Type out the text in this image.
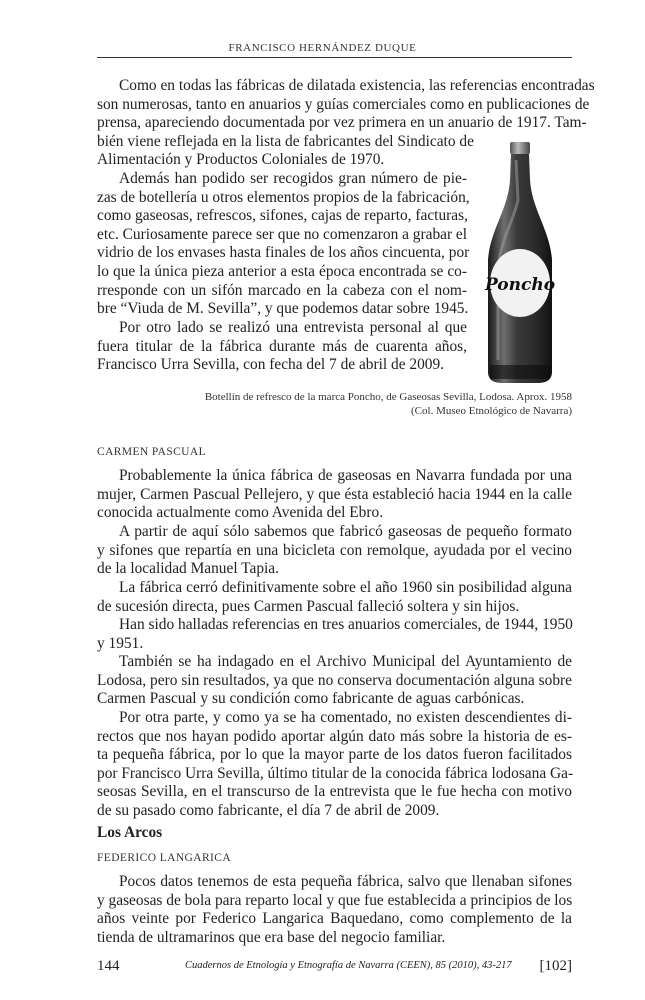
FRANCISCO HERNÁNDEZ DUQUE
Como en todas las fábricas de dilatada existencia, las referencias encontradas
son numerosas, tanto en anuarios y guías comerciales como en publicaciones de
prensa, apareciendo documentada por vez primera en un anuario de 1917. Tam-
bién viene reflejada en la lista de fabricantes del Sindicato de
Alimentación y Productos Coloniales de 1970.
Además han podido ser recogidos gran número de pie-
zas de botellería u otros elementos propios de la fabricación,
como gaseosas, refrescos, sifones, cajas de reparto, facturas,
etc. Curiosamente parece ser que no comenzaron a grabar el
vidrio de los envases hasta finales de los años cincuenta, por
lo que la única pieza anterior a esta época encontrada se co-
rresponde con un sifón marcado en la cabeza con el nom-
bre “Viuda de M. Sevilla”, y que podemos datar sobre 1945.
Por otro lado se realizó una entrevista personal al que
fuera titular de la fábrica durante más de cuarenta años,
Francisco Urra Sevilla, con fecha del 7 de abril de 2009.
Poncho
Botellín de refresco de la marca Poncho, de Gaseosas Sevilla, Lodosa. Aprox. 1958
(Col. Museo Etnológico de Navarra)
CARMEN PASCUAL
Probablemente la única fábrica de gaseosas en Navarra fundada por una
mujer, Carmen Pascual Pellejero, y que ésta estableció hacia 1944 en la calle
conocida actualmente como Avenida del Ebro.
A partir de aquí sólo sabemos que fabricó gaseosas de pequeño formato
y sifones que repartía en una bicicleta con remolque, ayudada por el vecino
de la localidad Manuel Tapia.
La fábrica cerró definitivamente sobre el año 1960 sin posibilidad alguna
de sucesión directa, pues Carmen Pascual falleció soltera y sin hijos.
Han sido halladas referencias en tres anuarios comerciales, de 1944, 1950
y 1951.
También se ha indagado en el Archivo Municipal del Ayuntamiento de
Lodosa, pero sin resultados, ya que no conserva documentación alguna sobre
Carmen Pascual y su condición como fabricante de aguas carbónicas.
Por otra parte, y como ya se ha comentado, no existen descendientes di-
rectos que nos hayan podido aportar algún dato más sobre la historia de es-
ta pequeña fábrica, por lo que la mayor parte de los datos fueron facilitados
por Francisco Urra Sevilla, último titular de la conocida fábrica lodosana Ga-
seosas Sevilla, en el transcurso de la entrevista que le fue hecha con motivo
de su pasado como fabricante, el día 7 de abril de 2009.
Los Arcos
FEDERICO LANGARICA
Pocos datos tenemos de esta pequeña fábrica, salvo que llenaban sifones
y gaseosas de bola para reparto local y que fue establecida a principios de los
años veinte por Federico Langarica Baquedano, como complemento de la
tienda de ultramarinos que era base del negocio familiar.
144	Cuadernos de Etnología y Etnografía de Navarra (CEEN), 85 (2010), 43-217 [102]
